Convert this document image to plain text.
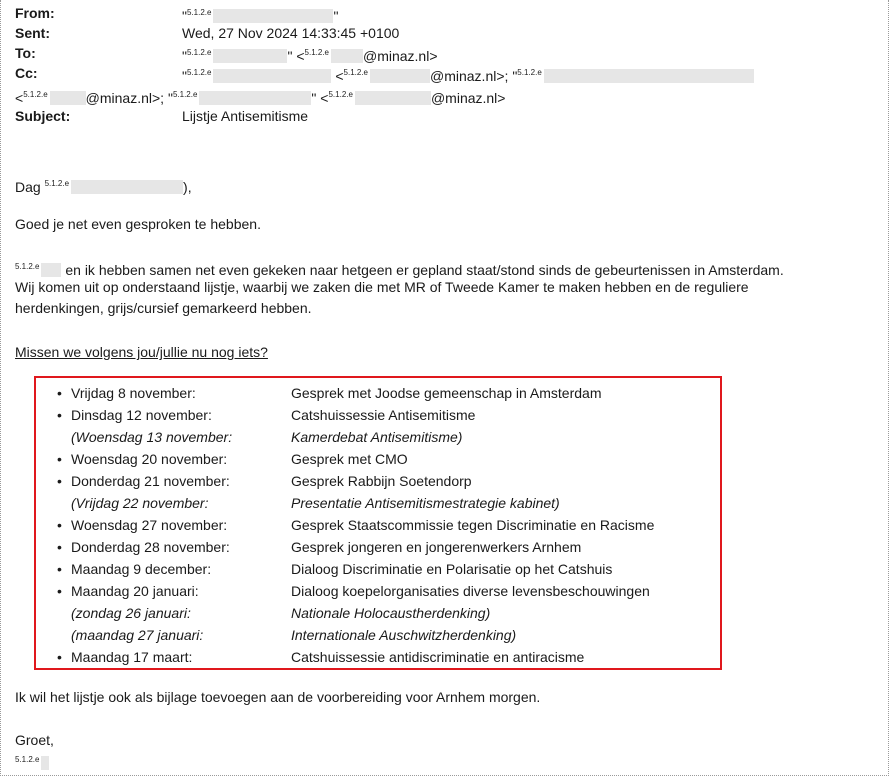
From:	"$^{5.1.2.e}$	"
Sent:	Wed, 27 Nov 2024 14:33:45 +0100
To:	"$^{5.1.2.e}$	" <$^{5.1.2.e}$ @minaz.nl>
Cc:	"$^{5.1.2.e}$	<$^{5.1.2.e}$	@minaz.nl>; "$^{5.1.2.e}$
<$^{5.1.2.e}$	@minaz.nl>; "$^{5.1.2.e}$	" <$^{5.1.2.e}$	@minaz.nl>
Subject:	Lijstje Antisemitisme
Dag $^{5.1.2.e}$	),
Goed je net even gesproken te hebben.
$^{5.1.2.e}$ en ik hebben samen net even gekeken naar hetgeen er gepland staat/stond sinds de gebeurtenissen in Amsterdam.
Wij komen uit op onderstaand lijstje, waarbij we zaken die met MR of Tweede Kamer te maken hebben en de reguliere
herdenkingen, grijs/cursief gemarkeerd hebben.
Missen we volgens jou/jullie nu nog iets?
• Vrijdag 8 november:	Gesprek met Joodse gemeenschap in Amsterdam
• Dinsdag 12 november:	Catshuissessie Antisemitisme
(Woensdag 13 november:	Kamerdebat Antisemitisme)
• Woensdag 20 november:	Gesprek met CMO
• Donderdag 21 november:	Gesprek Rabbijn Soetendorp
(Vrijdag 22 november:	Presentatie Antisemitismestrategie kabinet)
• Woensdag 27 november:	Gesprek Staatscommissie tegen Discriminatie en Racisme
• Donderdag 28 november:	Gesprek jongeren en jongerenwerkers Arnhem
• Maandag 9 december:	Dialoog Discriminatie en Polarisatie op het Catshuis
• Maandag 20 januari:	Dialoog koepelorganisaties diverse levensbeschouwingen
(zondag 26 januari:	Nationale Holocaustherdenking)
(maandag 27 januari:	Internationale Auschwitzherdenking)
• Maandag 17 maart:	Catshuissessie antidiscriminatie en antiracisme
Ik wil het lijstje ook als bijlage toevoegen aan de voorbereiding voor Arnhem morgen.
Groet,
$^{5.1.2.e}$
